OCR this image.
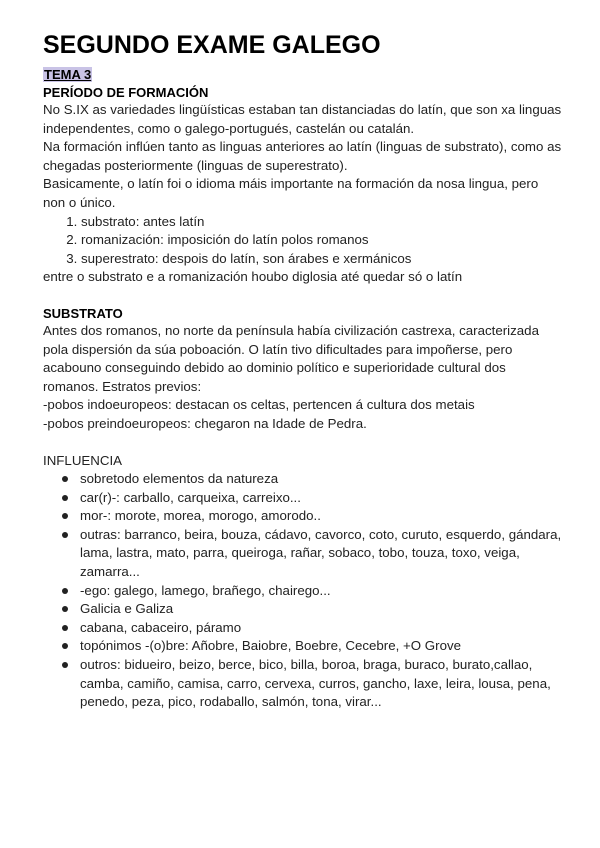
SEGUNDO EXAME GALEGO
TEMA 3
PERÍODO DE FORMACIÓN

No S.IX as variedades lingüísticas estaban tan distanciadas do latín, que son xa linguas independentes, como o galego-portugués, castelán ou catalán.

Na formación inflúen tanto as linguas anteriores ao latín (linguas de substrato), como as chegadas posteriormente (linguas de superestrato).

Basicamente, o latín foi o idioma máis importante na formación da nosa lingua, pero non o único.

1. substrato: antes latín
2. romanización: imposición do latín polos romanos
3. superestrato: despois do latín, son árabes e xermánicos

entre o substrato e a romanización houbo diglosia até quedar só o latín

SUBSTRATO

Antes dos romanos, no norte da península había civilización castrexa, caracterizada pola dispersión da súa poboación. O latín tivo dificultades para impoñerse, pero acabouno conseguindo debido ao dominio político e superioridade cultural dos romanos. Estratos previos:

-pobos indoeuropeos: destacan os celtas, pertencen á cultura dos metais

-pobos preindoeuropeos: chegaron na Idade de Pedra.

INFLUENCIA

sobretodo elementos da natureza
car(r)-: carballo, carqueixa, carreixo...
mor-: morote, morea, morogo, amorodo..
outras: barranco, beira, bouza, cádavo, cavorco, coto, curuto, esquerdo, gándara, lama, lastra, mato, parra, queiroga, rañar, sobaco, tobo, touza, toxo, veiga, zamarra...
-ego: galego, lamego, brañego, chairego...
Galicia e Galiza
cabana, cabaceiro, páramo
topónimos -(o)bre: Añobre, Baiobre, Boebre, Cecebre, +O Grove
outros: bidueiro, beizo, berce, bico, billa, boroa, braga, buraco, burato,callao, camba, camiño, camisa, carro, cervexa, curros, gancho, laxe, leira, lousa, pena, penedo, peza, pico, rodaballo, salmón, tona, virar...
